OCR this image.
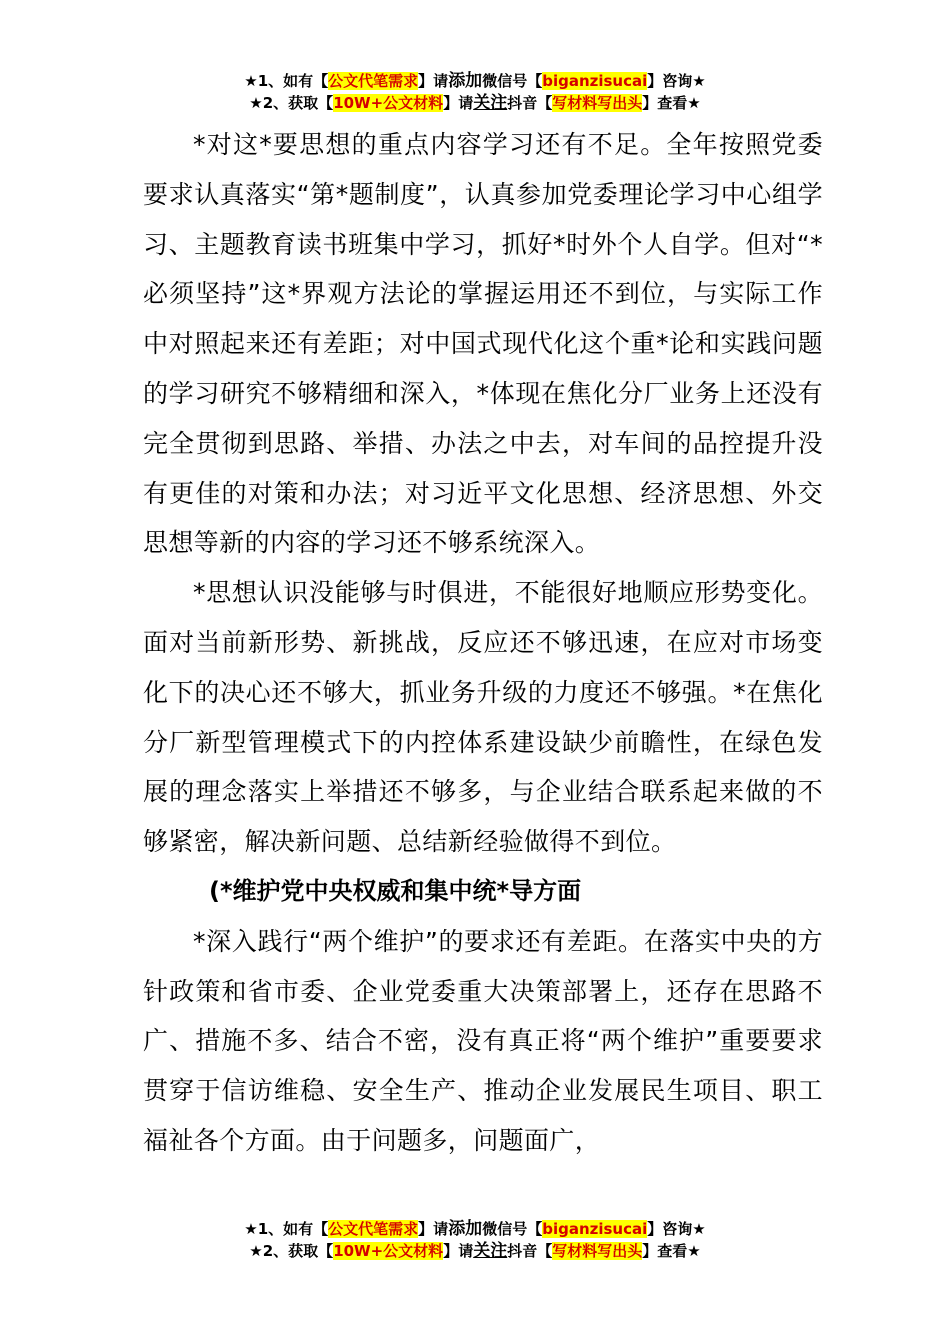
★1、如有【公文代笔需求】请添加微信号【biganzisucai】咨询★
★2、获取【10W+公文材料】请关注抖音【写材料写出头】查看★

*对这*要思想的重点内容学习还有不足。全年按照党委要求认真落实“第*题制度”，认真参加党委理论学习中心组学习、主题教育读书班集中学习，抓好*时外个人自学。但对“*必须坚持”这*界观方法论的掌握运用还不到位，与实际工作中对照起来还有差距；对中国式现代化这个重*论和实践问题的学习研究不够精细和深入，*体现在焦化分厂业务上还没有完全贯彻到思路、举措、办法之中去，对车间的品控提升没有更佳的对策和办法；对习近平文化思想、经济思想、外交思想等新的内容的学习还不够系统深入。

*思想认识没能够与时俱进，不能很好地顺应形势变化。面对当前新形势、新挑战，反应还不够迅速，在应对市场变化下的决心还不够大，抓业务升级的力度还不够强。*在焦化分厂新型管理模式下的内控体系建设缺少前瞻性，在绿色发展的理念落实上举措还不够多，与企业结合联系起来做的不够紧密，解决新问题、总结新经验做得不到位。

(*维护党中央权威和集中统*导方面

*深入践行“两个维护”的要求还有差距。在落实中央的方针政策和省市委、企业党委重大决策部署上，还存在思路不广、措施不多、结合不密，没有真正将“两个维护”重要要求贯穿于信访维稳、安全生产、推动企业发展民生项目、职工福祉各个方面。由于问题多，问题面广，

★1、如有【公文代笔需求】请添加微信号【biganzisucai】咨询★
★2、获取【10W+公文材料】请关注抖音【写材料写出头】查看★
